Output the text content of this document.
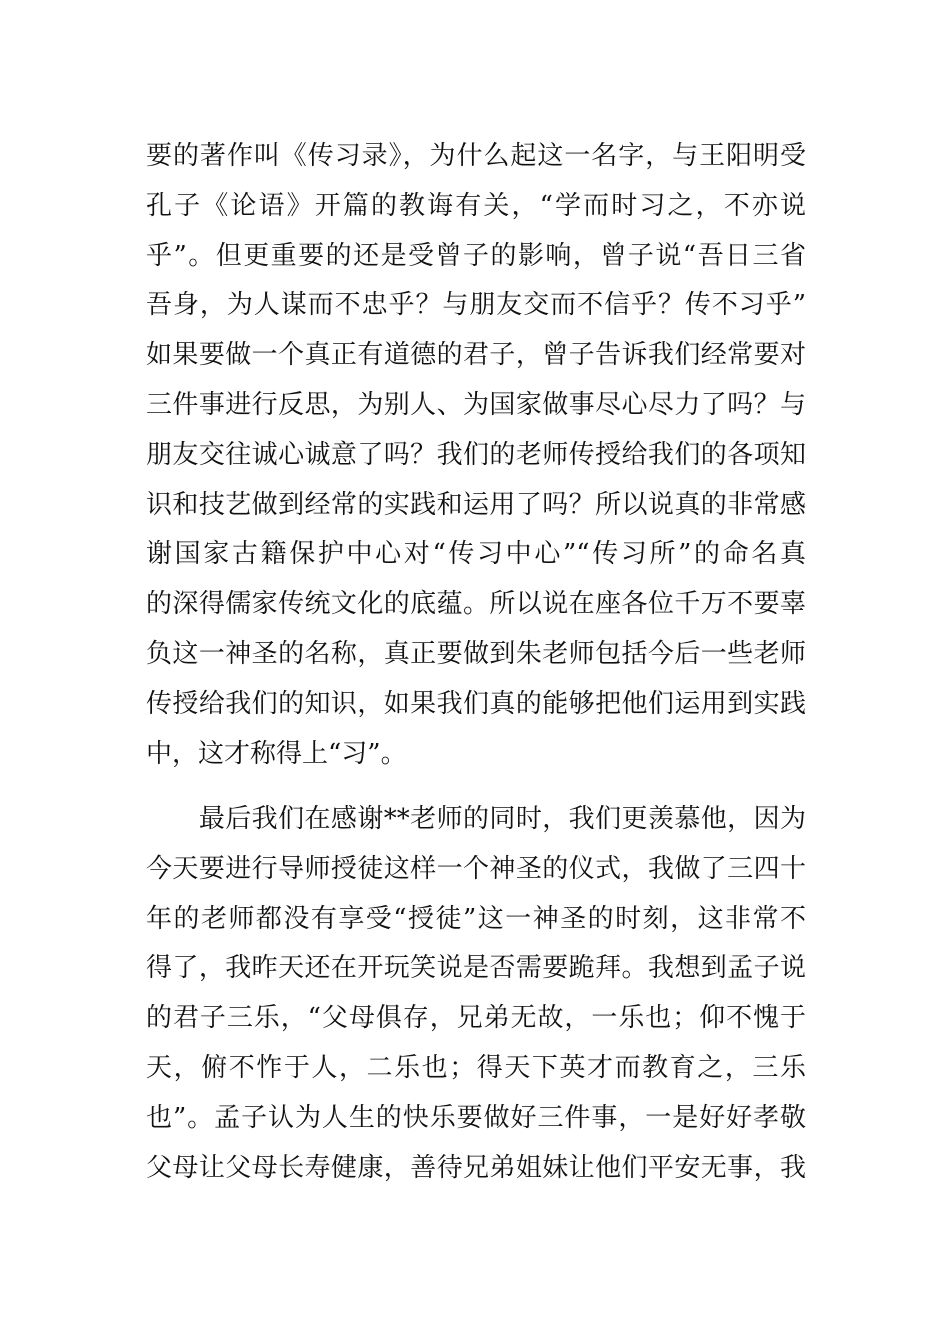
要的著作叫《传习录》，为什么起这一名字，与王阳明受
孔子《论语》开篇的教诲有关，“学而时习之，不亦说
乎”。但更重要的还是受曾子的影响，曾子说“吾日三省
吾身，为人谋而不忠乎？与朋友交而不信乎？传不习乎”
如果要做一个真正有道德的君子，曾子告诉我们经常要对
三件事进行反思，为别人、为国家做事尽心尽力了吗？与
朋友交往诚心诚意了吗？我们的老师传授给我们的各项知
识和技艺做到经常的实践和运用了吗？所以说真的非常感
谢国家古籍保护中心对“传习中心”“传习所”的命名真
的深得儒家传统文化的底蕴。所以说在座各位千万不要辜
负这一神圣的名称，真正要做到朱老师包括今后一些老师
传授给我们的知识，如果我们真的能够把他们运用到实践
中，这才称得上“习”。
　　最后我们在感谢**老师的同时，我们更羡慕他，因为
今天要进行导师授徒这样一个神圣的仪式，我做了三四十
年的老师都没有享受“授徒”这一神圣的时刻，这非常不
得了，我昨天还在开玩笑说是否需要跪拜。我想到孟子说
的君子三乐，“父母俱存，兄弟无故，一乐也；仰不愧于
天，俯不怍于人，二乐也；得天下英才而教育之，三乐
也”。孟子认为人生的快乐要做好三件事，一是好好孝敬
父母让父母长寿健康，善待兄弟姐妹让他们平安无事，我
